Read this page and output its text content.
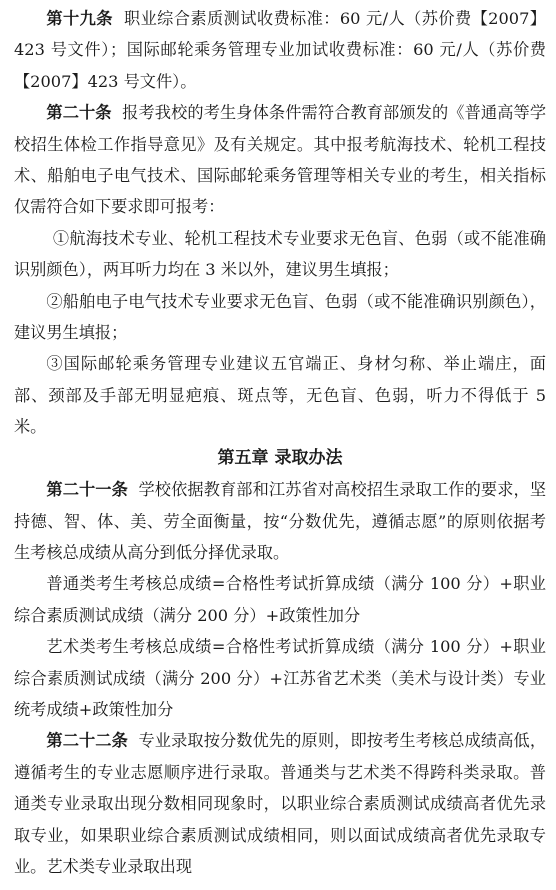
第十九条 职业综合素质测试收费标准：60 元/人（苏价费【2007】423 号文件）；国际邮轮乘务管理专业加试收费标准：60 元/人（苏价费【2007】423 号文件）。

第二十条 报考我校的考生身体条件需符合教育部颁发的《普通高等学校招生体检工作指导意见》及有关规定。其中报考航海技术、轮机工程技术、船舶电子电气技术、国际邮轮乘务管理等相关专业的考生，相关指标仅需符合如下要求即可报考：

①航海技术专业、轮机工程技术专业要求无色盲、色弱（或不能准确识别颜色），两耳听力均在 3 米以外，建议男生填报；

②船舶电子电气技术专业要求无色盲、色弱（或不能准确识别颜色），建议男生填报；

③国际邮轮乘务管理专业建议五官端正、身材匀称、举止端庄，面部、颈部及手部无明显疤痕、斑点等，无色盲、色弱，听力不得低于 5 米。

第五章 录取办法

第二十一条 学校依据教育部和江苏省对高校招生录取工作的要求，坚持德、智、体、美、劳全面衡量，按“分数优先，遵循志愿”的原则依据考生考核总成绩从高分到低分择优录取。

普通类考生考核总成绩=合格性考试折算成绩（满分 100 分）+职业综合素质测试成绩（满分 200 分）+政策性加分

艺术类考生考核总成绩=合格性考试折算成绩（满分 100 分）+职业综合素质测试成绩（满分 200 分）+江苏省艺术类（美术与设计类）专业统考成绩+政策性加分

第二十二条 专业录取按分数优先的原则，即按考生考核总成绩高低，遵循考生的专业志愿顺序进行录取。普通类与艺术类不得跨科类录取。普通类专业录取出现分数相同现象时，以职业综合素质测试成绩高者优先录取专业，如果职业综合素质测试成绩相同，则以面试成绩高者优先录取专业。艺术类专业录取出现
